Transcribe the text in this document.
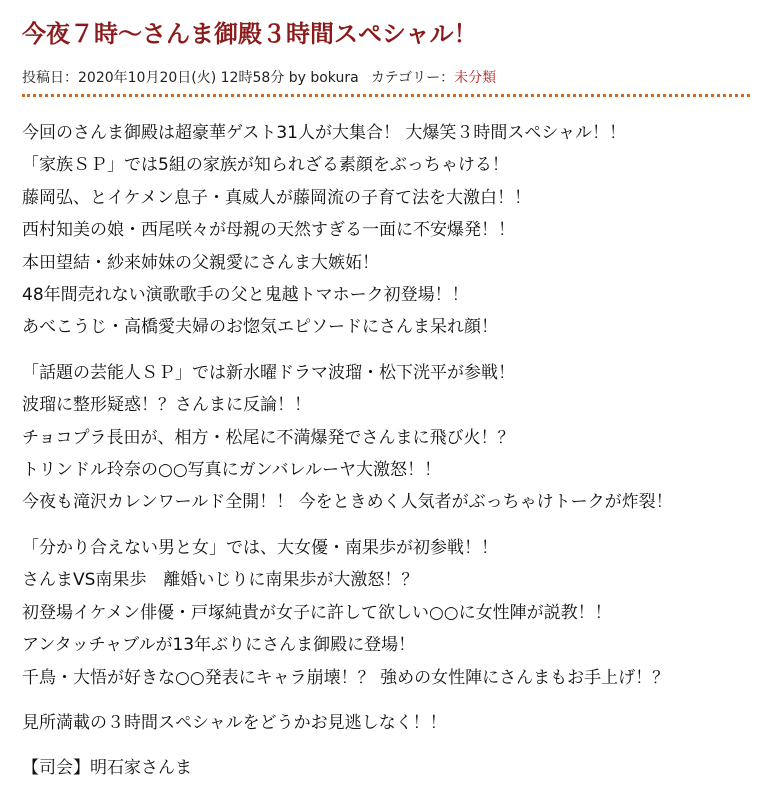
今夜７時〜さんま御殿３時間スペシャル！
投稿日：2020年10月20日(火) 12時58分 by bokura カテゴリー：未分類

今回のさんま御殿は超豪華ゲスト31人が大集合！ 大爆笑３時間スペシャル！！
「家族ＳＰ」では5組の家族が知られざる素顔をぶっちゃける！
藤岡弘、とイケメン息子・真威人が藤岡流の子育て法を大激白！！
西村知美の娘・西尾咲々が母親の天然すぎる一面に不安爆発！！
本田望結・紗来姉妹の父親愛にさんま大嫉妬！
48年間売れない演歌歌手の父と鬼越トマホーク初登場！！
あべこうじ・高橋愛夫婦のお惚気エピソードにさんま呆れ顔！

「話題の芸能人ＳＰ」では新水曜ドラマ波瑠・松下洸平が参戦！
波瑠に整形疑惑！？さんまに反論！！
チョコプラ長田が、相方・松尾に不満爆発でさんまに飛び火！？
トリンドル玲奈の○○写真にガンバレルーヤ大激怒！！
今夜も滝沢カレンワールド全開！！ 今をときめく人気者がぶっちゃけトークが炸裂！

「分かり合えない男と女」では、大女優・南果歩が初参戦！！
さんまVS南果歩　離婚いじりに南果歩が大激怒！？
初登場イケメン俳優・戸塚純貴が女子に許して欲しい○○に女性陣が説教！！
アンタッチャブルが13年ぶりにさんま御殿に登場！
千鳥・大悟が好きな○○発表にキャラ崩壊！？ 強めの女性陣にさんまもお手上げ！？

見所満載の３時間スペシャルをどうかお見逃しなく！！

【司会】明石家さんま
